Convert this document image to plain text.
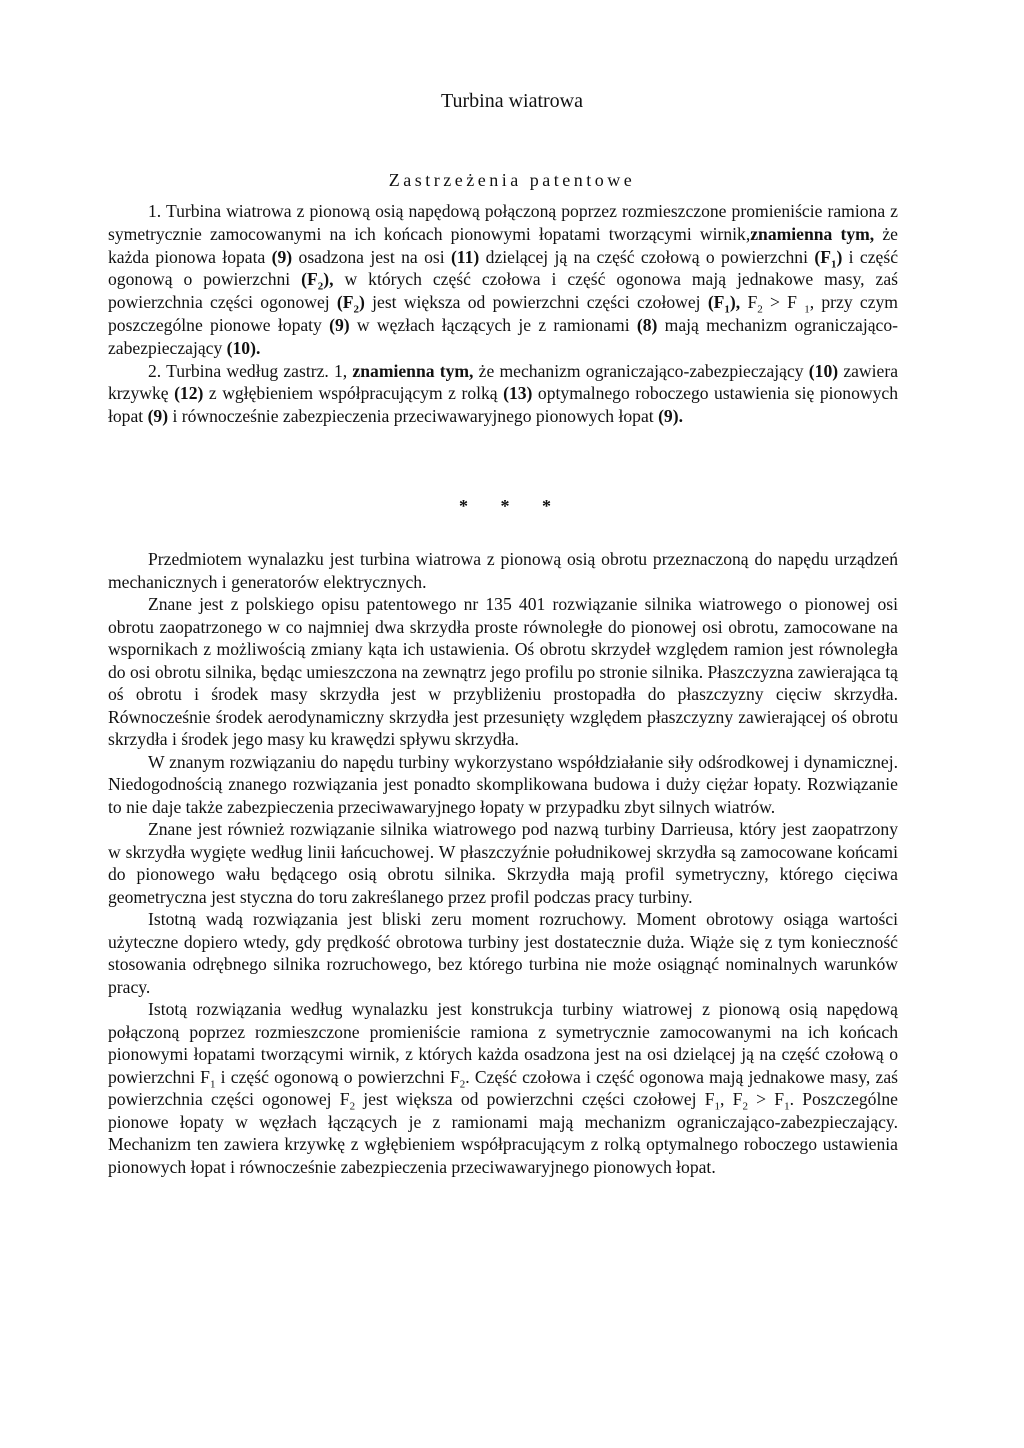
Turbina wiatrowa
Zastrzeżenia patentowe

1. Turbina wiatrowa z pionową osią napędową połączoną poprzez rozmieszczone promieniście ramiona z symetrycznie zamocowanymi na ich końcach pionowymi łopatami tworzącymi wirnik,znamienna tym, że każda pionowa łopata (9) osadzona jest na osi (11) dzielącej ją na część czołową o powierzchni $(F_1)$ i część ogonową o powierzchni $(F_2)$, w których część czołowa i część ogonowa mają jednakowe masy, zaś powierzchnia części ogonowej $(F_2)$ jest większa od powierzchni części czołowej $(F_1)$, $F_2 > F$ $_1$, przy czym poszczególne pionowe łopaty (9) w węzłach łączących je z ramionami (8) mają mechanizm ograniczająco-zabezpieczający (10).

2. Turbina według zastrz. 1, znamienna tym, że mechanizm ograniczająco-zabezpieczający (10) zawiera krzywkę (12) z wgłębieniem współpracującym z rolką (13) optymalnego roboczego ustawienia się pionowych łopat (9) i równocześnie zabezpieczenia przeciwawaryjnego pionowych łopat (9).

* * *

Przedmiotem wynalazku jest turbina wiatrowa z pionową osią obrotu przeznaczoną do napędu urządzeń mechanicznych i generatorów elektrycznych.

Znane jest z polskiego opisu patentowego nr 135 401 rozwiązanie silnika wiatrowego o pionowej osi obrotu zaopatrzonego w co najmniej dwa skrzydła proste równoległe do pionowej osi obrotu, zamocowane na wspornikach z możliwością zmiany kąta ich ustawienia. Oś obrotu skrzydeł względem ramion jest równoległa do osi obrotu silnika, będąc umieszczona na zewnątrz jego profilu po stronie silnika. Płaszczyzna zawierająca tą oś obrotu i środek masy skrzydła jest w przybliżeniu prostopadła do płaszczyzny cięciw skrzydła. Równocześnie środek aerodynamiczny skrzydła jest przesunięty względem płaszczyzny zawierającej oś obrotu skrzydła i środek jego masy ku krawędzi spływu skrzydła.

W znanym rozwiązaniu do napędu turbiny wykorzystano współdziałanie siły odśrodkowej i dynamicznej. Niedogodnością znanego rozwiązania jest ponadto skomplikowana budowa i duży ciężar łopaty. Rozwiązanie to nie daje także zabezpieczenia przeciwawaryjnego łopaty w przypadku zbyt silnych wiatrów.

Znane jest również rozwiązanie silnika wiatrowego pod nazwą turbiny Darrieusa, który jest zaopatrzony w skrzydła wygięte według linii łańcuchowej. W płaszczyźnie południkowej skrzydła są zamocowane końcami do pionowego wału będącego osią obrotu silnika. Skrzydła mają profil symetryczny, którego cięciwa geometryczna jest styczna do toru zakreślanego przez profil podczas pracy turbiny.

Istotną wadą rozwiązania jest bliski zeru moment rozruchowy. Moment obrotowy osiąga wartości użyteczne dopiero wtedy, gdy prędkość obrotowa turbiny jest dostatecznie duża. Wiąże się z tym konieczność stosowania odrębnego silnika rozruchowego, bez którego turbina nie może osiągnąć nominalnych warunków pracy.

Istotą rozwiązania według wynalazku jest konstrukcja turbiny wiatrowej z pionową osią napędową połączoną poprzez rozmieszczone promieniście ramiona z symetrycznie zamocowanymi na ich końcach pionowymi łopatami tworzącymi wirnik, z których każda osadzona jest na osi dzielącej ją na część czołową o powierzchni $F_1$ i część ogonową o powierzchni $F_2$. Część czołowa i część ogonowa mają jednakowe masy, zaś powierzchnia części ogonowej $F_2$ jest większa od powierzchni części czołowej $F_1$, $F_2 > F_1$. Poszczególne pionowe łopaty w węzłach łączących je z ramionami mają mechanizm ograniczająco-zabezpieczający. Mechanizm ten zawiera krzywkę z wgłębieniem współpracującym z rolką optymalnego roboczego ustawienia pionowych łopat i równocześnie zabezpieczenia przeciwawaryjnego pionowych łopat.
